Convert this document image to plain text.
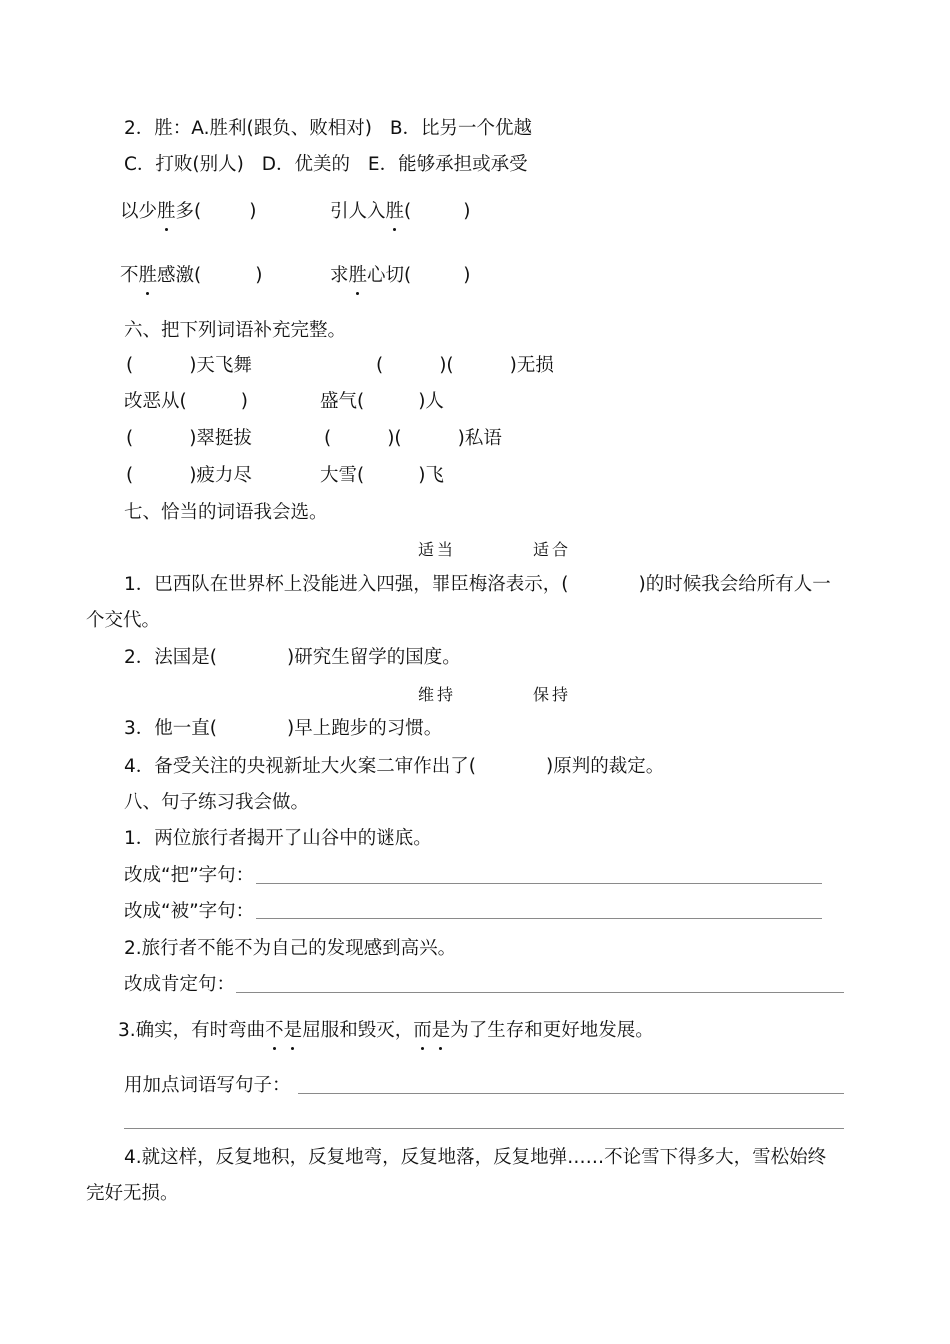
2．胜：A.胜利(跟负、败相对) B．比另一个优越
C．打败(别人) D．优美的 E．能够承担或承受
以少胜多(	)	引人入胜(	)
不胜感激(	)	求胜心切(	)
六、把下列词语补充完整。
(	)天飞舞	(	)(	)无损
改恶从(	)	盛气(	)人
(	)翠挺拔	(	)(	)私语
(	)疲力尽	大雪(	)飞
七、恰当的词语我会选。
适当	适合
1．巴西队在世界杯上没能进入四强，罪臣梅洛表示，(	)的时候我会给所有人一
个交代。
2．法国是(	)研究生留学的国度。
维持	保持
3．他一直(	)早上跑步的习惯。
4．备受关注的央视新址大火案二审作出了(	)原判的裁定。
八、句子练习我会做。
1．两位旅行者揭开了山谷中的谜底。
改成“把”字句：
改成“被”字句：
2.旅行者不能不为自己的发现感到高兴。
改成肯定句：
3.确实，有时弯曲不是屈服和毁灭，而是为了生存和更好地发展。
用加点词语写句子：
4.就这样，反复地积，反复地弯，反复地落，反复地弹……不论雪下得多大，雪松始终
完好无损。
